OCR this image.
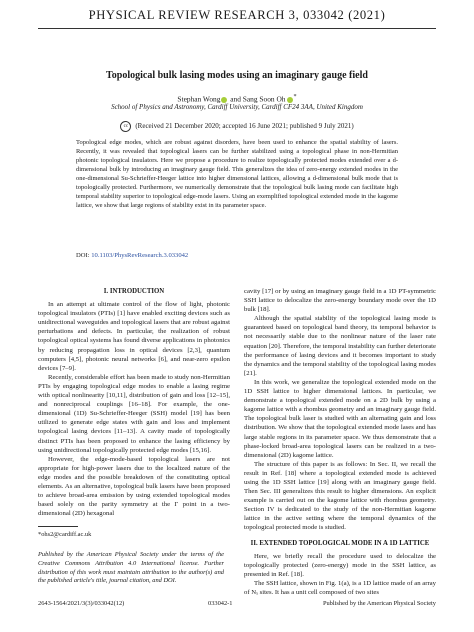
PHYSICAL REVIEW RESEARCH 3, 033042 (2021)
Topological bulk lasing modes using an imaginary gauge field
Stephan Wong and Sang Soon Oh *
School of Physics and Astronomy, Cardiff University, Cardiff CF24 3AA, United Kingdom
cc (Received 21 December 2020; accepted 16 June 2021; published 9 July 2021)
Topological edge modes, which are robust against disorders, have been used to enhance the spatial stability of lasers. Recently, it was revealed that topological lasers can be further stabilized using a topological phase in non-Hermitian photonic topological insulators. Here we propose a procedure to realize topologically protected modes extended over a d-dimensional bulk by introducing an imaginary gauge field. This generalizes the idea of zero-energy extended modes in the one-dimensional Su-Schrieffer-Heeger lattice into higher dimensional lattices, allowing a d-dimensional bulk mode that is topologically protected. Furthermore, we numerically demonstrate that the topological bulk lasing mode can facilitate high temporal stability superior to topological edge-mode lasers. Using an exemplified topological extended mode in the kagome lattice, we show that large regions of stability exist in its parameter space.
DOI: 10.1103/PhysRevResearch.3.033042
I. INTRODUCTION

In an attempt at ultimate control of the flow of light, photonic topological insulators (PTIs) [1] have enabled exciting devices such as unidirectional waveguides and topological lasers that are robust against perturbations and defects. In particular, the realization of robust topological optical systems has found diverse applications in photonics by reducing propagation loss in optical devices [2,3], quantum computers [4,5], photonic neural networks [6], and near-zero epsilon devices [7–9].

Recently, considerable effort has been made to study non-Hermitian PTIs by engaging topological edge modes to enable a lasing regime with optical nonlinearity [10,11], distribution of gain and loss [12–15], and nonreciprocal couplings [16–18]. For example, the one-dimensional (1D) Su-Schrieffer-Heeger (SSH) model [19] has been utilized to generate edge states with gain and loss and implement topological lasing devices [11–13]. A cavity made of topologically distinct PTIs has been proposed to enhance the lasing efficiency by using unidirectional topologically protected edge modes [15,16].

However, the edge-mode-based topological lasers are not appropriate for high-power lasers due to the localized nature of the edge modes and the possible breakdown of the constituting optical elements. As an alternative, topological bulk lasers have been proposed to achieve broad-area emission by using extended topological modes based solely on the parity symmetry at the Γ point in a two-dimensional (2D) hexagonal

*ohs2@cardiff.ac.uk
Published by the American Physical Society under the terms of the Creative Commons Attribution 4.0 International license. Further distribution of this work must maintain attribution to the author(s) and the published article's title, journal citation, and DOI.

cavity [17] or by using an imaginary gauge field in a 1D PT-symmetric SSH lattice to delocalize the zero-energy boundary mode over the 1D bulk [18].

Although the spatial stability of the topological lasing mode is guaranteed based on topological band theory, its temporal behavior is not necessarily stable due to the nonlinear nature of the laser rate equation [20]. Therefore, the temporal instability can further deteriorate the performance of lasing devices and it becomes important to study the dynamics and the temporal stability of the topological lasing modes [21].

In this work, we generalize the topological extended mode on the 1D SSH lattice to higher dimensional lattices. In particular, we demonstrate a topological extended mode on a 2D bulk by using a kagome lattice with a rhombus geometry and an imaginary gauge field. The topological bulk laser is studied with an alternating gain and loss distribution. We show that the topological extended mode lases and has large stable regions in its parameter space. We thus demonstrate that a phase-locked broad-area topological lasers can be realized in a two-dimensional (2D) kagome lattice.

The structure of this paper is as follows: In Sec. II, we recall the result in Ref. [18] where a topological extended mode is achieved using the 1D SSH lattice [19] along with an imaginary gauge field. Then Sec. III generalizes this result to higher dimensions. An explicit example is carried out on the kagome lattice with rhombus geometry. Section IV is dedicated to the study of the non-Hermitian kagome lattice in the active setting where the temporal dynamics of the topological protected mode is studied.

II. EXTENDED TOPOLOGICAL MODE IN A 1D LATTICE

Here, we briefly recall the procedure used to delocalize the topologically protected (zero-energy) mode in the SSH lattice, as presented in Ref. [18].

The SSH lattice, shown in Fig. 1(a), is a 1D lattice made of an array of Nₓ sites. It has a unit cell composed of two sites

2643-1564/2021/3(3)/033042(12)	033042-1	Published by the American Physical Society
